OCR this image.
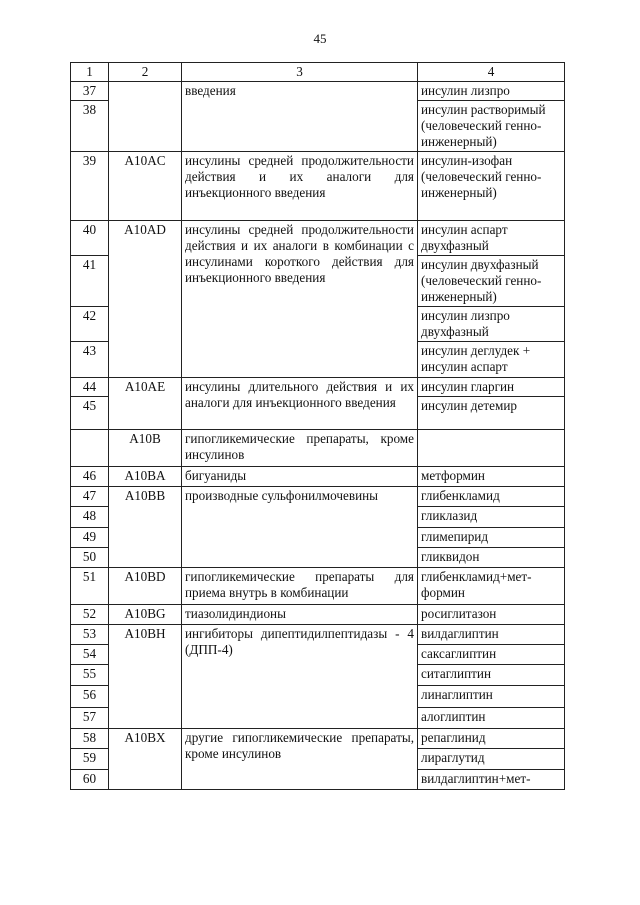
45
1	2	3	4
37		введения	инсулин лизпро
38			инсулин растворимый (человеческий генно-инженерный)
39	A10AC	инсулины средней продолжительности действия и их аналоги для инъекционного введения	инсулин-изофан (человеческий генно-инженерный)
40	A10AD	инсулины средней продолжительности действия и их аналоги в комбинации с инсулинами короткого действия для инъекционного введения	инсулин аспарт двухфазный
41			инсулин двухфазный (человеческий генно-инженерный)
42			инсулин лизпро двухфазный
43			инсулин деглудек + инсулин аспарт
44	A10AE	инсулины длительного действия и их аналоги для инъекционного введения	инсулин гларгин
45			инсулин детемир
	A10B	гипогликемические препараты, кроме инсулинов	
46	A10BA	бигуаниды	метформин
47	A10BB	производные сульфонилмочевины	глибенкламид
48			гликлазид
49			глимепирид
50			гликвидон
51	A10BD	гипогликемические препараты для приема внутрь в комбинации	глибенкламид+мет-формин
52	A10BG	тиазолидиндионы	росиглитазон
53	A10BH	ингибиторы дипептидилпептидазы - 4 (ДПП-4)	вилдаглиптин
54			саксаглиптин
55			ситаглиптин
56			линаглиптин
57			алоглиптин
58	A10BX	другие гипогликемические препараты, кроме инсулинов	репаглинид
59			лираглутид
60			вилдаглиптин+мет-
